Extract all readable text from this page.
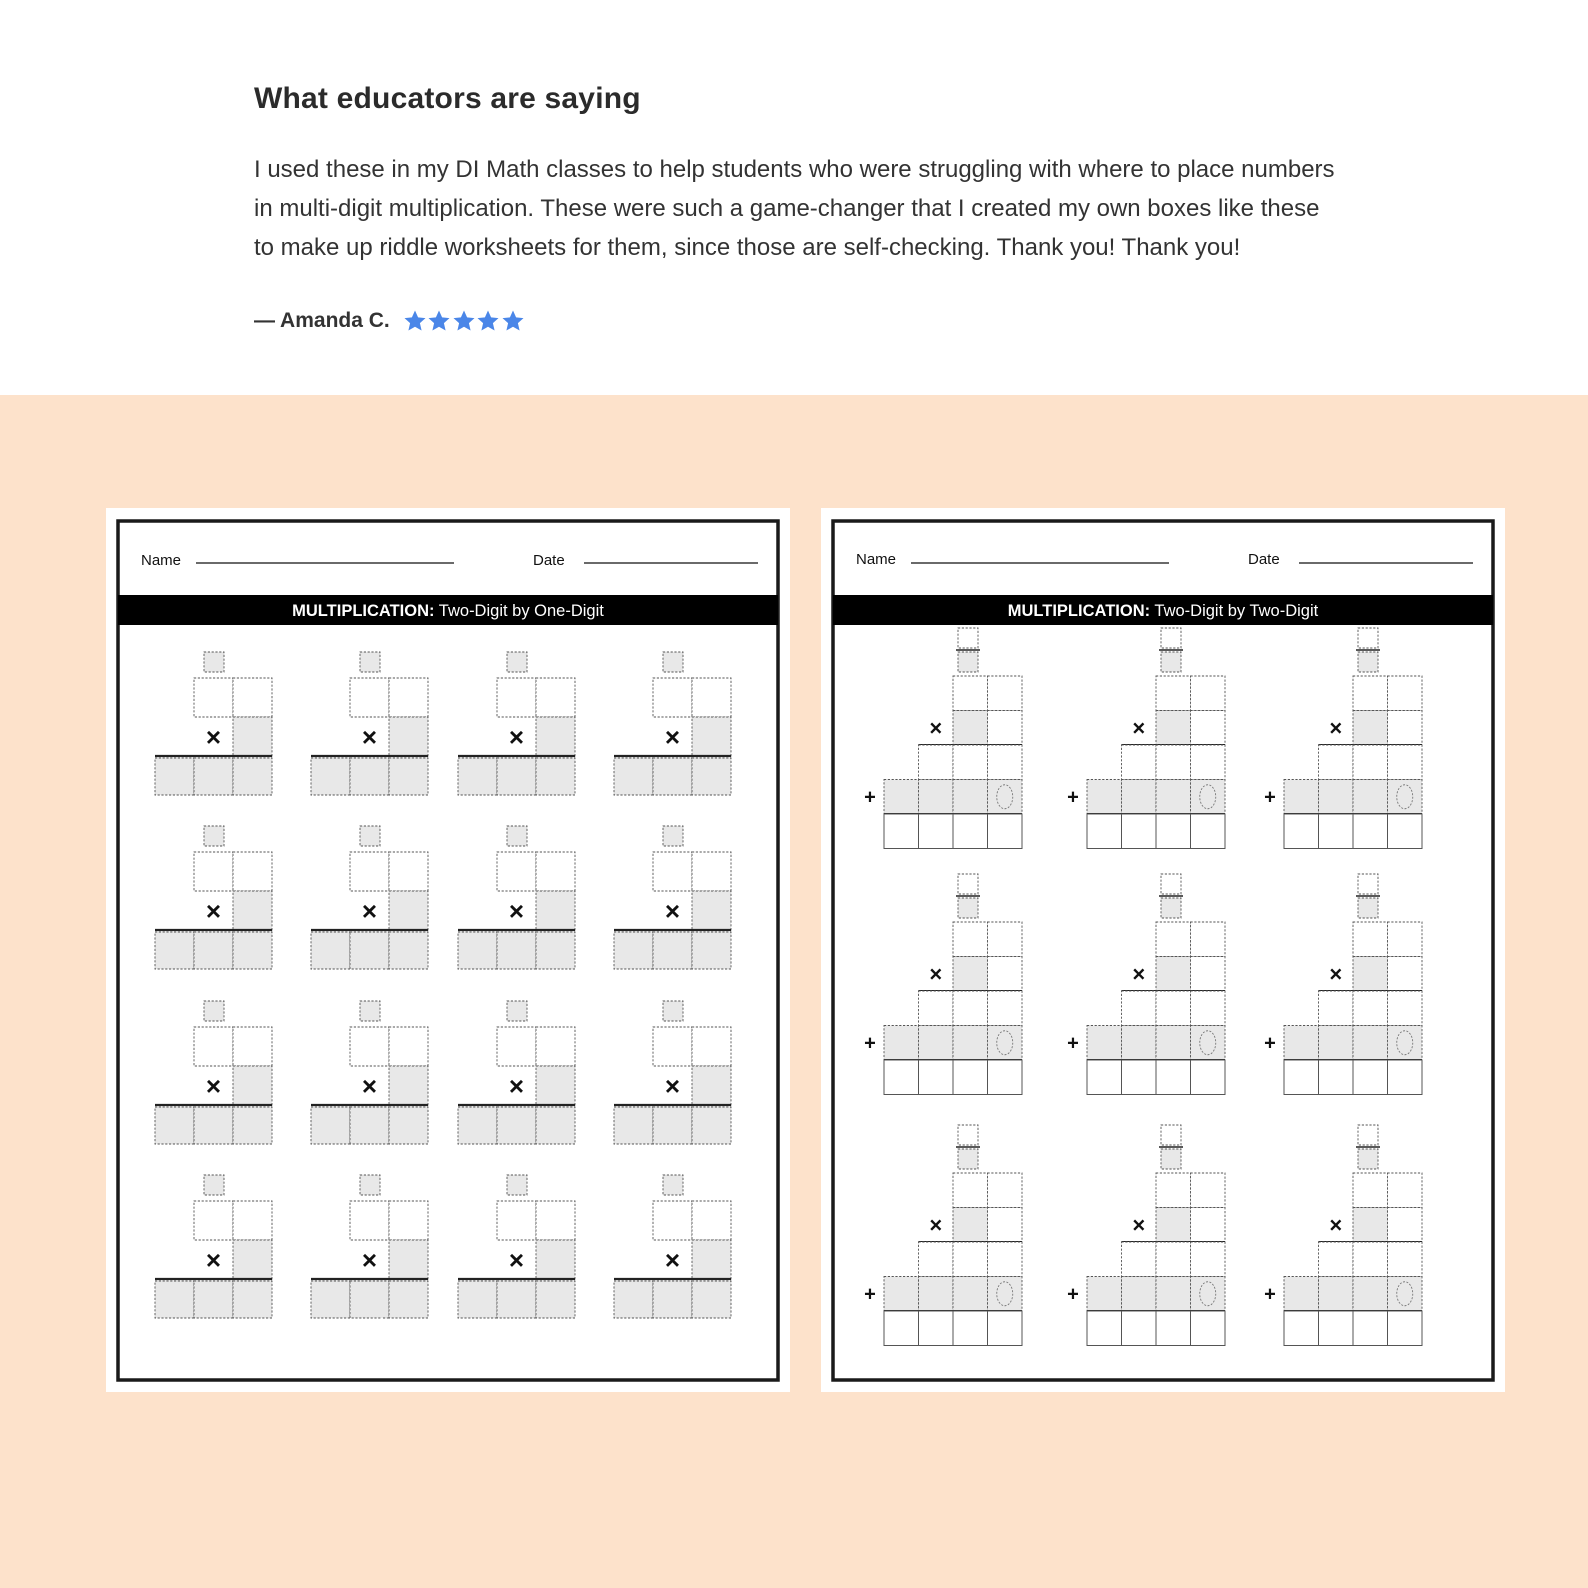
What educators are saying

I used these in my DI Math classes to help students who were struggling with where to place numbers in multi-digit multiplication. These were such a game-changer that I created my own boxes like these to make up riddle worksheets for them, since those are self-checking. Thank you! Thank you!

— Amanda C.
Name	Date
MULTIPLICATION: Two-Digit by One-Digit
×	×	×	×
×	×	×	×
×	×	×	×
×	×	×	×
Name	Date
MULTIPLICATION: Two-Digit by Two-Digit
×
+
×
+
×
+
×
+
×
+
×
+
×
+
×
+
×
+
